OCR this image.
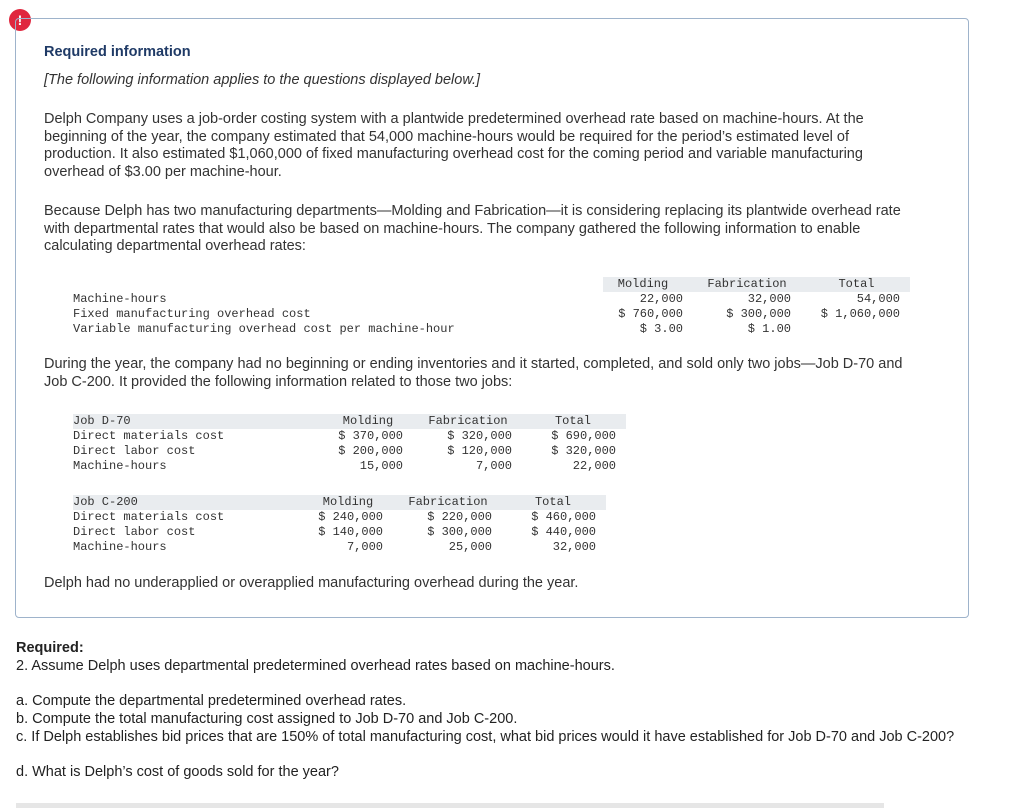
!
Required information
[The following information applies to the questions displayed below.]

Delph Company uses a job-order costing system with a plantwide predetermined overhead rate based on machine-hours. At the beginning of the year, the company estimated that 54,000 machine-hours would be required for the period’s estimated level of production. It also estimated $1,060,000 of fixed manufacturing overhead cost for the coming period and variable manufacturing overhead of $3.00 per machine-hour.

Because Delph has two manufacturing departments—Molding and Fabrication—it is considering replacing its plantwide overhead rate with departmental rates that would also be based on machine-hours. The company gathered the following information to enable calculating departmental overhead rates:

Molding	Fabrication	Total
Machine-hours	22,000	32,000	54,000
Fixed manufacturing overhead cost	$ 760,000	$ 300,000	$ 1,060,000
Variable manufacturing overhead cost per machine-hour	$ 3.00	$ 1.00

During the year, the company had no beginning or ending inventories and it started, completed, and sold only two jobs—Job D-70 and Job C-200. It provided the following information related to those two jobs:

Job D-70	Molding	Fabrication	Total
Direct materials cost	$ 370,000	$ 320,000	$ 690,000
Direct labor cost	$ 200,000	$ 120,000	$ 320,000
Machine-hours	15,000	7,000	22,000
Job C-200	Molding	Fabrication	Total
Direct materials cost	$ 240,000	$ 220,000	$ 460,000
Direct labor cost	$ 140,000	$ 300,000	$ 440,000
Machine-hours	7,000	25,000	32,000

Delph had no underapplied or overapplied manufacturing overhead during the year.

Required:
2. Assume Delph uses departmental predetermined overhead rates based on machine-hours.
a. Compute the departmental predetermined overhead rates.
b. Compute the total manufacturing cost assigned to Job D-70 and Job C-200.
c. If Delph establishes bid prices that are 150% of total manufacturing cost, what bid prices would it have established for Job D-70 and Job C-200?
d. What is Delph’s cost of goods sold for the year?
